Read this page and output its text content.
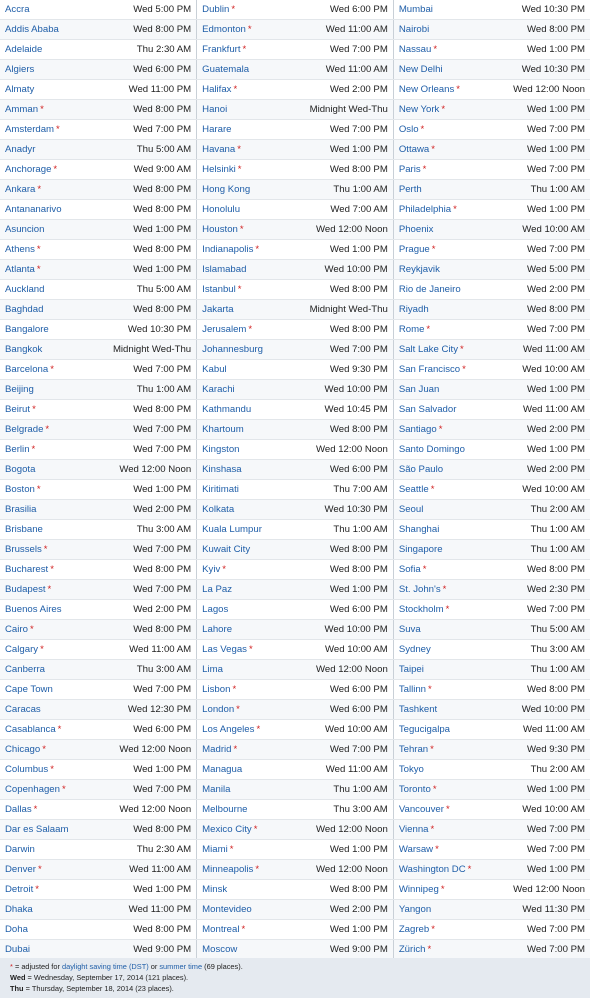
Accra	Wed 5:00 PM	Dublin *	Wed 6:00 PM	Mumbai	Wed 10:30 PM
Addis Ababa	Wed 8:00 PM	Edmonton *	Wed 11:00 AM	Nairobi	Wed 8:00 PM
Adelaide	Thu 2:30 AM	Frankfurt *	Wed 7:00 PM	Nassau *	Wed 1:00 PM
Algiers	Wed 6:00 PM	Guatemala	Wed 11:00 AM	New Delhi	Wed 10:30 PM
Almaty	Wed 11:00 PM	Halifax *	Wed 2:00 PM	New Orleans *	Wed 12:00 Noon
Amman *	Wed 8:00 PM	Hanoi	Midnight Wed-Thu	New York *	Wed 1:00 PM
Amsterdam *	Wed 7:00 PM	Harare	Wed 7:00 PM	Oslo *	Wed 7:00 PM
Anadyr	Thu 5:00 AM	Havana *	Wed 1:00 PM	Ottawa *	Wed 1:00 PM
Anchorage *	Wed 9:00 AM	Helsinki *	Wed 8:00 PM	Paris *	Wed 7:00 PM
Ankara *	Wed 8:00 PM	Hong Kong	Thu 1:00 AM	Perth	Thu 1:00 AM
Antananarivo	Wed 8:00 PM	Honolulu	Wed 7:00 AM	Philadelphia *	Wed 1:00 PM
Asuncion	Wed 1:00 PM	Houston *	Wed 12:00 Noon	Phoenix	Wed 10:00 AM
Athens *	Wed 8:00 PM	Indianapolis *	Wed 1:00 PM	Prague *	Wed 7:00 PM
Atlanta *	Wed 1:00 PM	Islamabad	Wed 10:00 PM	Reykjavik	Wed 5:00 PM
Auckland	Thu 5:00 AM	Istanbul *	Wed 8:00 PM	Rio de Janeiro	Wed 2:00 PM
Baghdad	Wed 8:00 PM	Jakarta	Midnight Wed-Thu	Riyadh	Wed 8:00 PM
Bangalore	Wed 10:30 PM	Jerusalem *	Wed 8:00 PM	Rome *	Wed 7:00 PM
Bangkok	Midnight Wed-Thu	Johannesburg	Wed 7:00 PM	Salt Lake City *	Wed 11:00 AM
Barcelona *	Wed 7:00 PM	Kabul	Wed 9:30 PM	San Francisco *	Wed 10:00 AM
Beijing	Thu 1:00 AM	Karachi	Wed 10:00 PM	San Juan	Wed 1:00 PM
Beirut *	Wed 8:00 PM	Kathmandu	Wed 10:45 PM	San Salvador	Wed 11:00 AM
Belgrade *	Wed 7:00 PM	Khartoum	Wed 8:00 PM	Santiago *	Wed 2:00 PM
Berlin *	Wed 7:00 PM	Kingston	Wed 12:00 Noon	Santo Domingo	Wed 1:00 PM
Bogota	Wed 12:00 Noon	Kinshasa	Wed 6:00 PM	São Paulo	Wed 2:00 PM
Boston *	Wed 1:00 PM	Kiritimati	Thu 7:00 AM	Seattle *	Wed 10:00 AM
Brasilia	Wed 2:00 PM	Kolkata	Wed 10:30 PM	Seoul	Thu 2:00 AM
Brisbane	Thu 3:00 AM	Kuala Lumpur	Thu 1:00 AM	Shanghai	Thu 1:00 AM
Brussels *	Wed 7:00 PM	Kuwait City	Wed 8:00 PM	Singapore	Thu 1:00 AM
Bucharest *	Wed 8:00 PM	Kyiv *	Wed 8:00 PM	Sofia *	Wed 8:00 PM
Budapest *	Wed 7:00 PM	La Paz	Wed 1:00 PM	St. John's *	Wed 2:30 PM
Buenos Aires	Wed 2:00 PM	Lagos	Wed 6:00 PM	Stockholm *	Wed 7:00 PM
Cairo *	Wed 8:00 PM	Lahore	Wed 10:00 PM	Suva	Thu 5:00 AM
Calgary *	Wed 11:00 AM	Las Vegas *	Wed 10:00 AM	Sydney	Thu 3:00 AM
Canberra	Thu 3:00 AM	Lima	Wed 12:00 Noon	Taipei	Thu 1:00 AM
Cape Town	Wed 7:00 PM	Lisbon *	Wed 6:00 PM	Tallinn *	Wed 8:00 PM
Caracas	Wed 12:30 PM	London *	Wed 6:00 PM	Tashkent	Wed 10:00 PM
Casablanca *	Wed 6:00 PM	Los Angeles *	Wed 10:00 AM	Tegucigalpa	Wed 11:00 AM
Chicago *	Wed 12:00 Noon	Madrid *	Wed 7:00 PM	Tehran *	Wed 9:30 PM
Columbus *	Wed 1:00 PM	Managua	Wed 11:00 AM	Tokyo	Thu 2:00 AM
Copenhagen *	Wed 7:00 PM	Manila	Thu 1:00 AM	Toronto *	Wed 1:00 PM
Dallas *	Wed 12:00 Noon	Melbourne	Thu 3:00 AM	Vancouver *	Wed 10:00 AM
Dar es Salaam	Wed 8:00 PM	Mexico City *	Wed 12:00 Noon	Vienna *	Wed 7:00 PM
Darwin	Thu 2:30 AM	Miami *	Wed 1:00 PM	Warsaw *	Wed 7:00 PM
Denver *	Wed 11:00 AM	Minneapolis *	Wed 12:00 Noon	Washington DC *	Wed 1:00 PM
Detroit *	Wed 1:00 PM	Minsk	Wed 8:00 PM	Winnipeg *	Wed 12:00 Noon
Dhaka	Wed 11:00 PM	Montevideo	Wed 2:00 PM	Yangon	Wed 11:30 PM
Doha	Wed 8:00 PM	Montreal *	Wed 1:00 PM	Zagreb *	Wed 7:00 PM
Dubai	Wed 9:00 PM	Moscow	Wed 9:00 PM	Zürich *	Wed 7:00 PM
* = adjusted for daylight saving time (DST) or summer time (69 places).
Wed = Wednesday, September 17, 2014 (121 places).
Thu = Thursday, September 18, 2014 (23 places).
